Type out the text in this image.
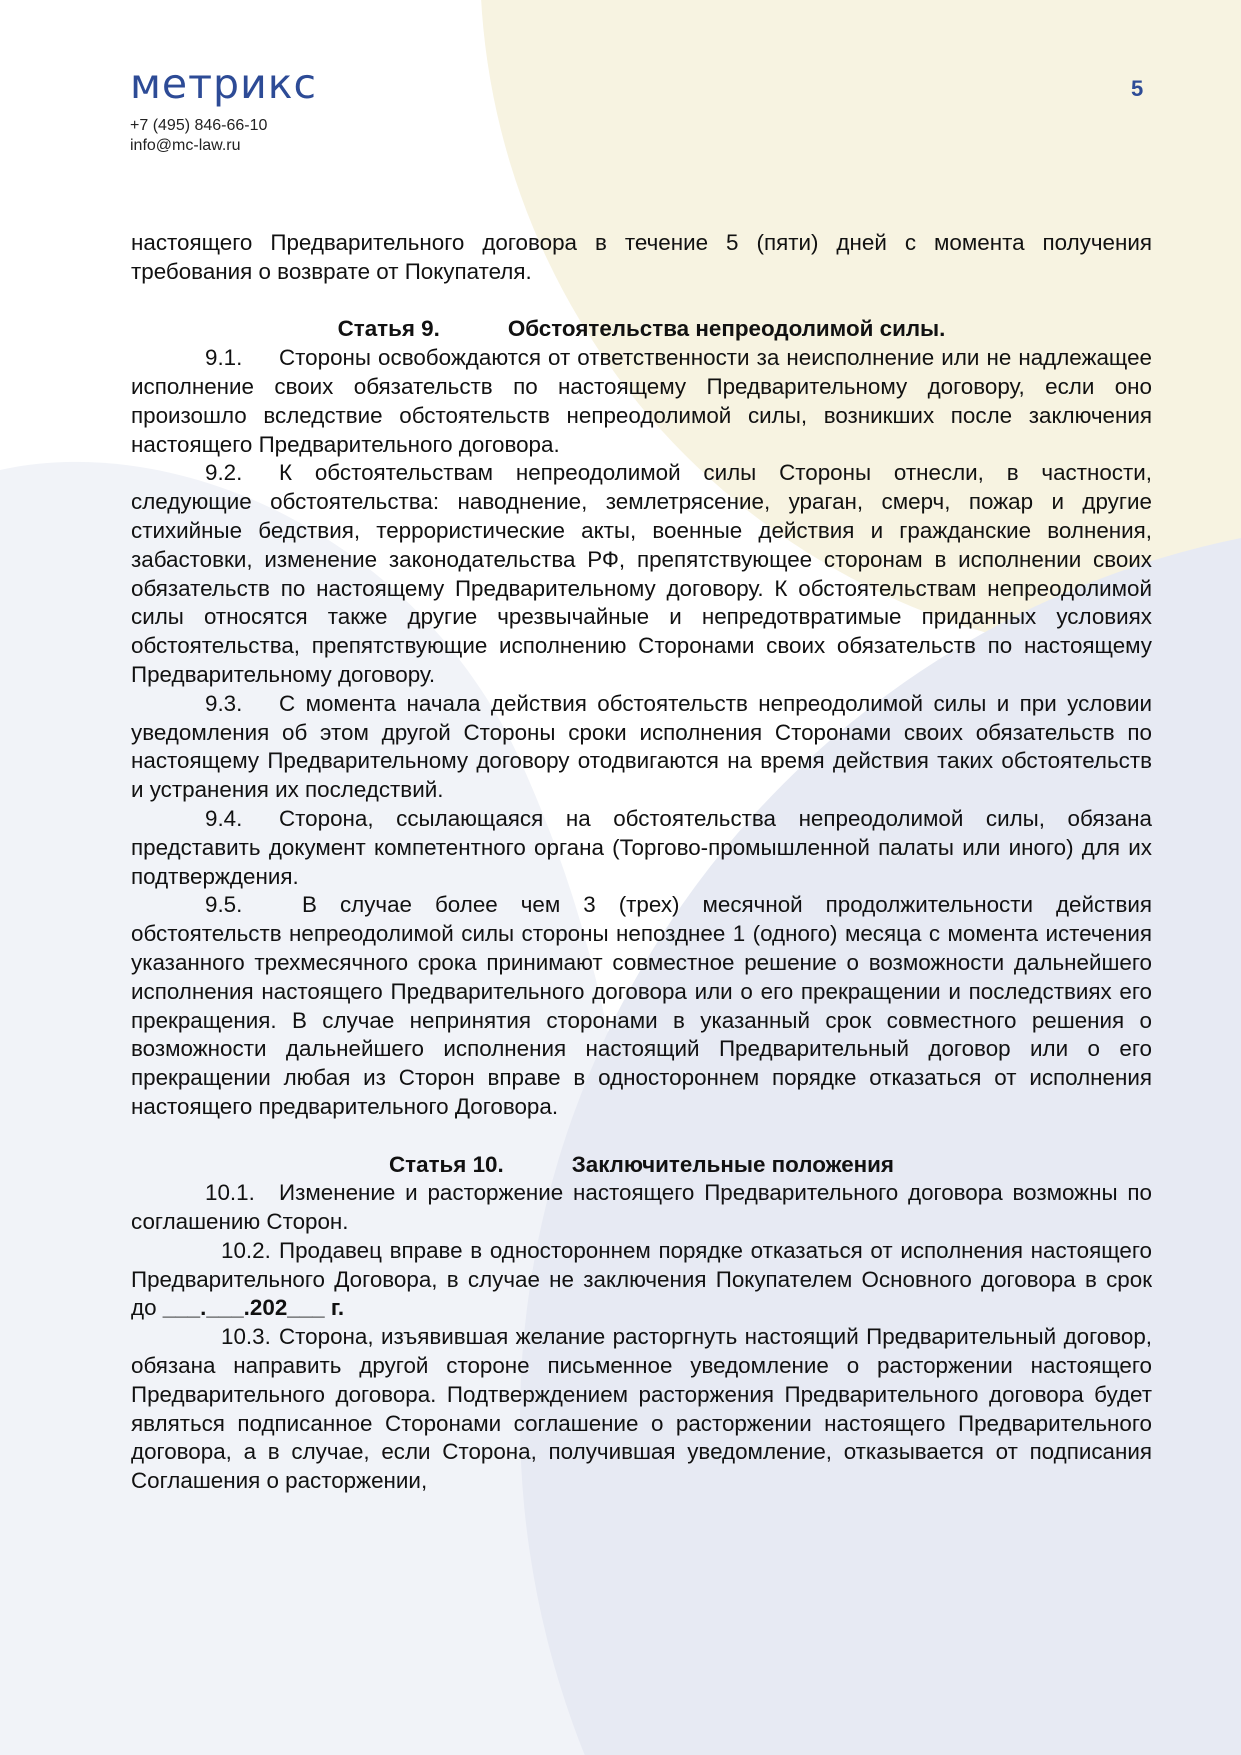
метрикс
+7 (495) 846-66-10
info@mc-law.ru
5

настоящего Предварительного договора в течение 5 (пяти) дней с момента получения требования о возврате от Покупателя.

Статья 9.	Обстоятельства непреодолимой силы.

9.1. Стороны освобождаются от ответственности за неисполнение или не надлежащее исполнение своих обязательств по настоящему Предварительному договору, если оно произошло вследствие обстоятельств непреодолимой силы, возникших после заключения настоящего Предварительного договора.

9.2. К обстоятельствам непреодолимой силы Стороны отнесли, в частности, следующие обстоятельства: наводнение, землетрясение, ураган, смерч, пожар и другие стихийные бедствия, террористические акты, военные действия и гражданские волнения, забастовки, изменение законодательства РФ, препятствующее сторонам в исполнении своих обязательств по настоящему Предварительному договору. К обстоятельствам непреодолимой силы относятся также другие чрезвычайные и непредотвратимые приданных условиях обстоятельства, препятствующие исполнению Сторонами своих обязательств по настоящему Предварительному договору.

9.3. С момента начала действия обстоятельств непреодолимой силы и при условии уведомления об этом другой Стороны сроки исполнения Сторонами своих обязательств по настоящему Предварительному договору отодвигаются на время действия таких обстоятельств и устранения их последствий.

9.4. Сторона, ссылающаяся на обстоятельства непреодолимой силы, обязана представить документ компетентного органа (Торгово-промышленной палаты или иного) для их подтверждения.

9.5. В случае более чем 3 (трех) месячной продолжительности действия обстоятельств непреодолимой силы стороны непозднее 1 (одного) месяца с момента истечения указанного трехмесячного срока принимают совместное решение о возможности дальнейшего исполнения настоящего Предварительного договора или о его прекращении и последствиях его прекращения. В случае непринятия сторонами в указанный срок совместного решения о возможности дальнейшего исполнения настоящий Предварительный договор или о его прекращении любая из Сторон вправе в одностороннем порядке отказаться от исполнения настоящего предварительного Договора.

Статья 10.	Заключительные положения

10.1. Изменение и расторжение настоящего Предварительного договора возможны по соглашению Сторон.

10.2. Продавец вправе в одностороннем порядке отказаться от исполнения настоящего Предварительного Договора, в случае не заключения Покупателем Основного договора в срок до ___.___.202___ г.

10.3. Сторона, изъявившая желание расторгнуть настоящий Предварительный договор, обязана направить другой стороне письменное уведомление о расторжении настоящего Предварительного договора. Подтверждением расторжения Предварительного договора будет являться подписанное Сторонами соглашение о расторжении настоящего Предварительного договора, а в случае, если Сторона, получившая уведомление, отказывается от подписания Соглашения о расторжении,
